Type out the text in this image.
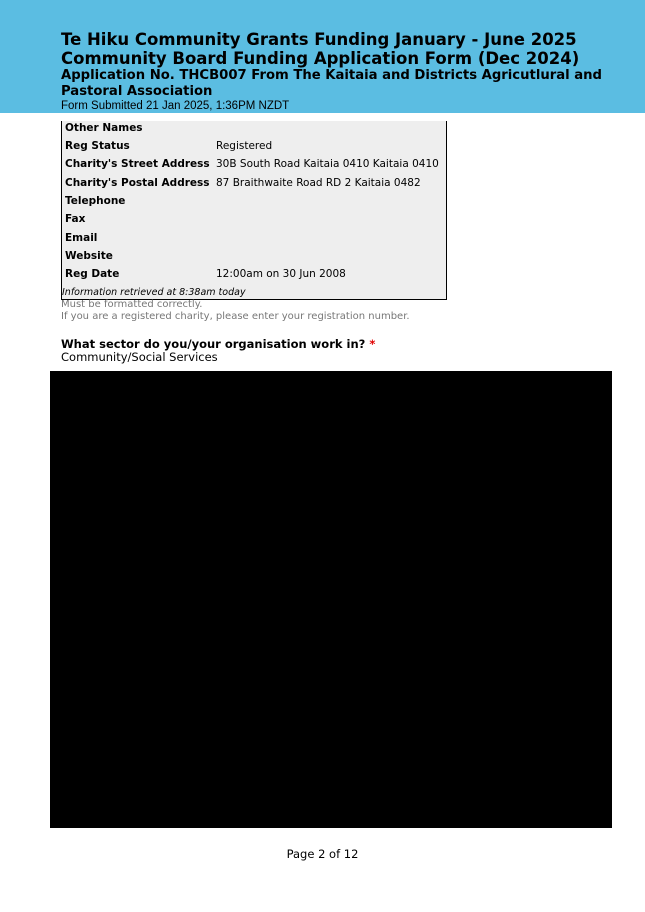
Te Hiku Community Grants Funding January - June 2025
Community Board Funding Application Form (Dec 2024)
Application No. THCB007 From The Kaitaia and Districts Agricutlural and Pastoral Association
Form Submitted 21 Jan 2025, 1:36PM NZDT
Other Names
Reg Status	Registered
Charity's Street Address 30B South Road Kaitaia 0410 Kaitaia 0410
Charity's Postal Address 87 Braithwaite Road RD 2 Kaitaia 0482
Telephone
Fax
Email
Website
Reg Date	12:00am on 30 Jun 2008
Information retrieved at 8:38am today
Must be formatted correctly.
If you are a registered charity, please enter your registration number.
What sector do you/your organisation work in? *
Community/Social Services
Page 2 of 12
